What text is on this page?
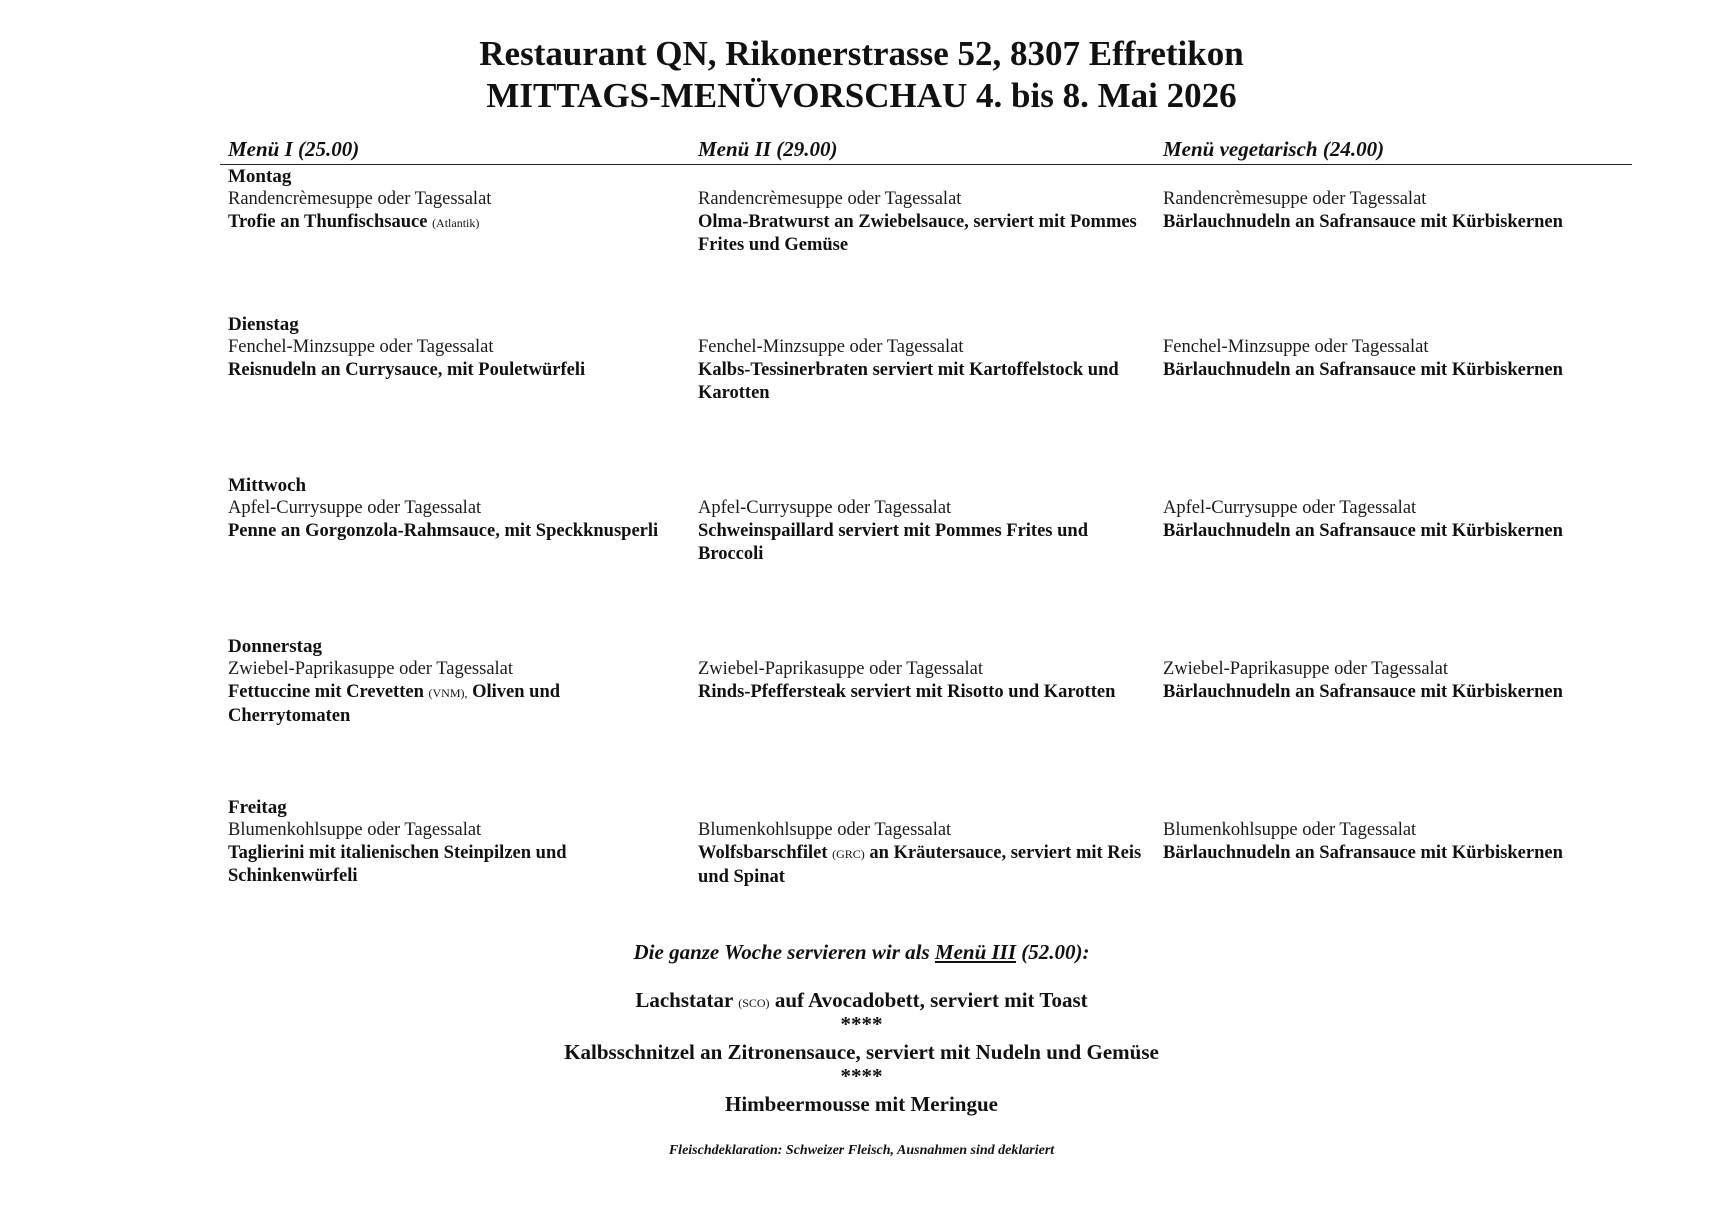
Restaurant QN, Rikonerstrasse 52, 8307 Effretikon
MITTAGS-MENÜVORSCHAU 4. bis 8. Mai 2026
Menü I (25.00)	Menü II (29.00)	Menü vegetarisch (24.00)
Montag
Randencrèmesuppe oder Tagessalat
Trofie an Thunfischsauce (Atlantik)
Randencrèmesuppe oder Tagessalat
Olma-Bratwurst an Zwiebelsauce, serviert mit Pommes Frites und Gemüse
Randencrèmesuppe oder Tagessalat
Bärlauchnudeln an Safransauce mit Kürbiskernen
Dienstag
Fenchel-Minzsuppe oder Tagessalat
Reisnudeln an Currysauce, mit Pouletwürfeli
Fenchel-Minzsuppe oder Tagessalat
Kalbs-Tessinerbraten serviert mit Kartoffelstock und Karotten
Fenchel-Minzsuppe oder Tagessalat
Bärlauchnudeln an Safransauce mit Kürbiskernen
Mittwoch
Apfel-Currysuppe oder Tagessalat
Penne an Gorgonzola-Rahmsauce, mit Speckknusperli
Apfel-Currysuppe oder Tagessalat
Schweinspaillard serviert mit Pommes Frites und Broccoli
Apfel-Currysuppe oder Tagessalat
Bärlauchnudeln an Safransauce mit Kürbiskernen
Donnerstag
Zwiebel-Paprikasuppe oder Tagessalat
Fettuccine mit Crevetten (VNM), Oliven und Cherrytomaten
Zwiebel-Paprikasuppe oder Tagessalat
Rinds-Pfeffersteak serviert mit Risotto und Karotten
Zwiebel-Paprikasuppe oder Tagessalat
Bärlauchnudeln an Safransauce mit Kürbiskernen
Freitag
Blumenkohlsuppe oder Tagessalat
Taglierini mit italienischen Steinpilzen und Schinkenwürfeli
Blumenkohlsuppe oder Tagessalat
Wolfsbarschfilet (GRC) an Kräutersauce, serviert mit Reis und Spinat
Blumenkohlsuppe oder Tagessalat
Bärlauchnudeln an Safransauce mit Kürbiskernen
Die ganze Woche servieren wir als Menü III (52.00):
Lachstatar (SCO) auf Avocadobett, serviert mit Toast
****
Kalbsschnitzel an Zitronensauce, serviert mit Nudeln und Gemüse
****
Himbeermousse mit Meringue
Fleischdeklaration: Schweizer Fleisch, Ausnahmen sind deklariert
